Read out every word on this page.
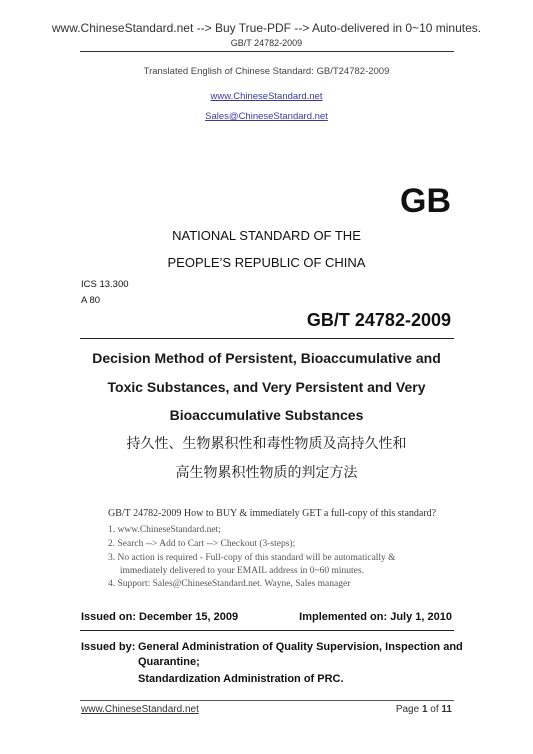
www.ChineseStandard.net --> Buy True-PDF --> Auto-delivered in 0~10 minutes.
GB/T 24782-2009
Translated English of Chinese Standard: GB/T24782-2009
www.ChineseStandard.net
Sales@ChineseStandard.net
GB
NATIONAL STANDARD OF THE
PEOPLE’S REPUBLIC OF CHINA
ICS 13.300
A 80
GB/T 24782-2009
Decision Method of Persistent, Bioaccumulative and
Toxic Substances, and Very Persistent and Very
Bioaccumulative Substances
持久性、生物累积性和毒性物质及高持久性和
高生物累积性物质的判定方法
GB/T 24782-2009 How to BUY & immediately GET a full-copy of this standard?
1. www.ChineseStandard.net;
2. Search --> Add to Cart --> Checkout (3-steps);
3. No action is required - Full-copy of this standard will be automatically &
immediately delivered to your EMAIL address in 0~60 minutes.
4. Support: Sales@ChineseStandard.net. Wayne, Sales manager
Issued on: December 15, 2009	Implemented on: July 1, 2010
Issued by: General Administration of Quality Supervision, Inspection and
Quarantine;
Standardization Administration of PRC.
www.ChineseStandard.net	Page 1 of 11
